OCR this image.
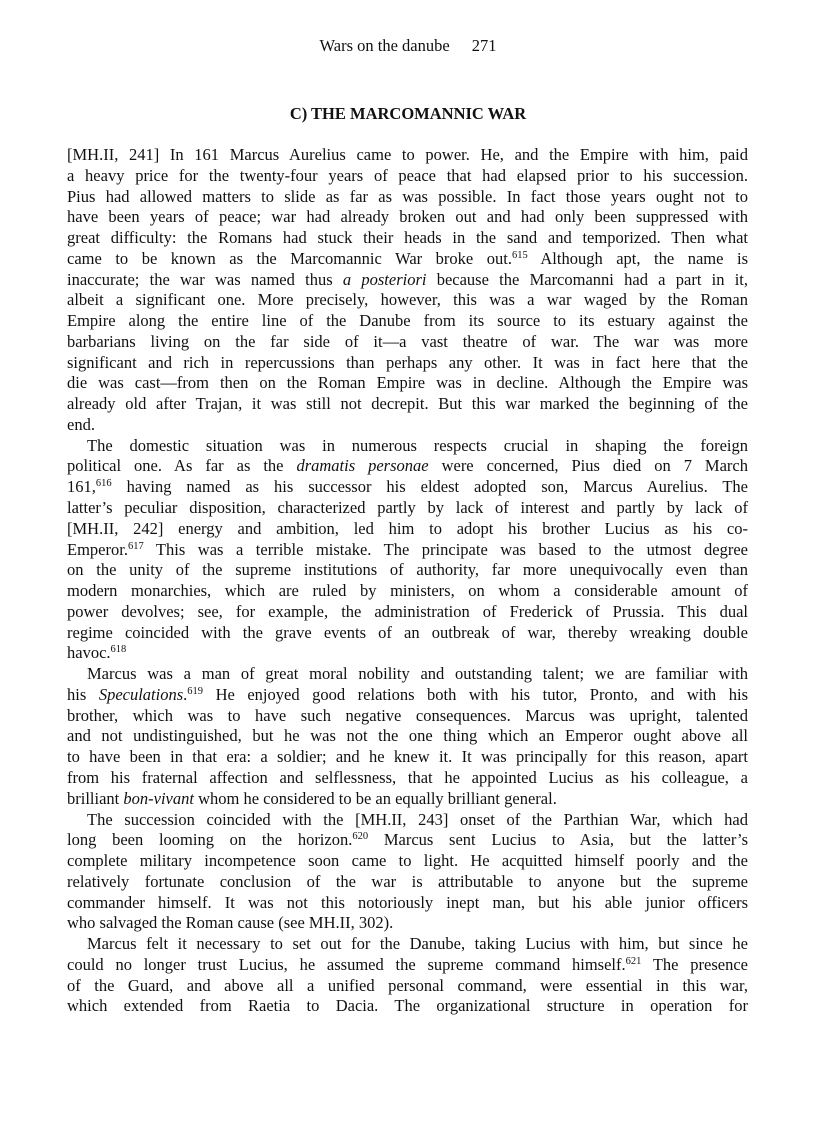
Wars on the danube 271
C) THE MARCOMANNIC WAR
[MH.II, 241] In 161 Marcus Aurelius came to power. He, and the Empire with him, paid
a heavy price for the twenty-four years of peace that had elapsed prior to his succession.
Pius had allowed matters to slide as far as was possible. In fact those years ought not to
have been years of peace; war had already broken out and had only been suppressed with
great difficulty: the Romans had stuck their heads in the sand and temporized. Then what
came to be known as the Marcomannic War broke out.$^{615}$ Although apt, the name is
inaccurate; the war was named thus a posteriori because the Marcomanni had a part in it,
albeit a significant one. More precisely, however, this was a war waged by the Roman
Empire along the entire line of the Danube from its source to its estuary against the
barbarians living on the far side of it—a vast theatre of war. The war was more
significant and rich in repercussions than perhaps any other. It was in fact here that the
die was cast—from then on the Roman Empire was in decline. Although the Empire was
already old after Trajan, it was still not decrepit. But this war marked the beginning of the
end.
The domestic situation was in numerous respects crucial in shaping the foreign
political one. As far as the dramatis personae were concerned, Pius died on 7 March
161,$^{616}$ having named as his successor his eldest adopted son, Marcus Aurelius. The
latter’s peculiar disposition, characterized partly by lack of interest and partly by lack of
[MH.II, 242] energy and ambition, led him to adopt his brother Lucius as his co-
Emperor.$^{617}$ This was a terrible mistake. The principate was based to the utmost degree
on the unity of the supreme institutions of authority, far more unequivocally even than
modern monarchies, which are ruled by ministers, on whom a considerable amount of
power devolves; see, for example, the administration of Frederick of Prussia. This dual
regime coincided with the grave events of an outbreak of war, thereby wreaking double
havoc.$^{618}$
Marcus was a man of great moral nobility and outstanding talent; we are familiar with
his Speculations.$^{619}$ He enjoyed good relations both with his tutor, Pronto, and with his
brother, which was to have such negative consequences. Marcus was upright, talented
and not undistinguished, but he was not the one thing which an Emperor ought above all
to have been in that era: a soldier; and he knew it. It was principally for this reason, apart
from his fraternal affection and selflessness, that he appointed Lucius as his colleague, a
brilliant bon-vivant whom he considered to be an equally brilliant general.
The succession coincided with the [MH.II, 243] onset of the Parthian War, which had
long been looming on the horizon.$^{620}$ Marcus sent Lucius to Asia, but the latter’s
complete military incompetence soon came to light. He acquitted himself poorly and the
relatively fortunate conclusion of the war is attributable to anyone but the supreme
commander himself. It was not this notoriously inept man, but his able junior officers
who salvaged the Roman cause (see MH.II, 302).
Marcus felt it necessary to set out for the Danube, taking Lucius with him, but since he
could no longer trust Lucius, he assumed the supreme command himself.$^{621}$ The presence
of the Guard, and above all a unified personal command, were essential in this war,
which extended from Raetia to Dacia. The organizational structure in operation for
